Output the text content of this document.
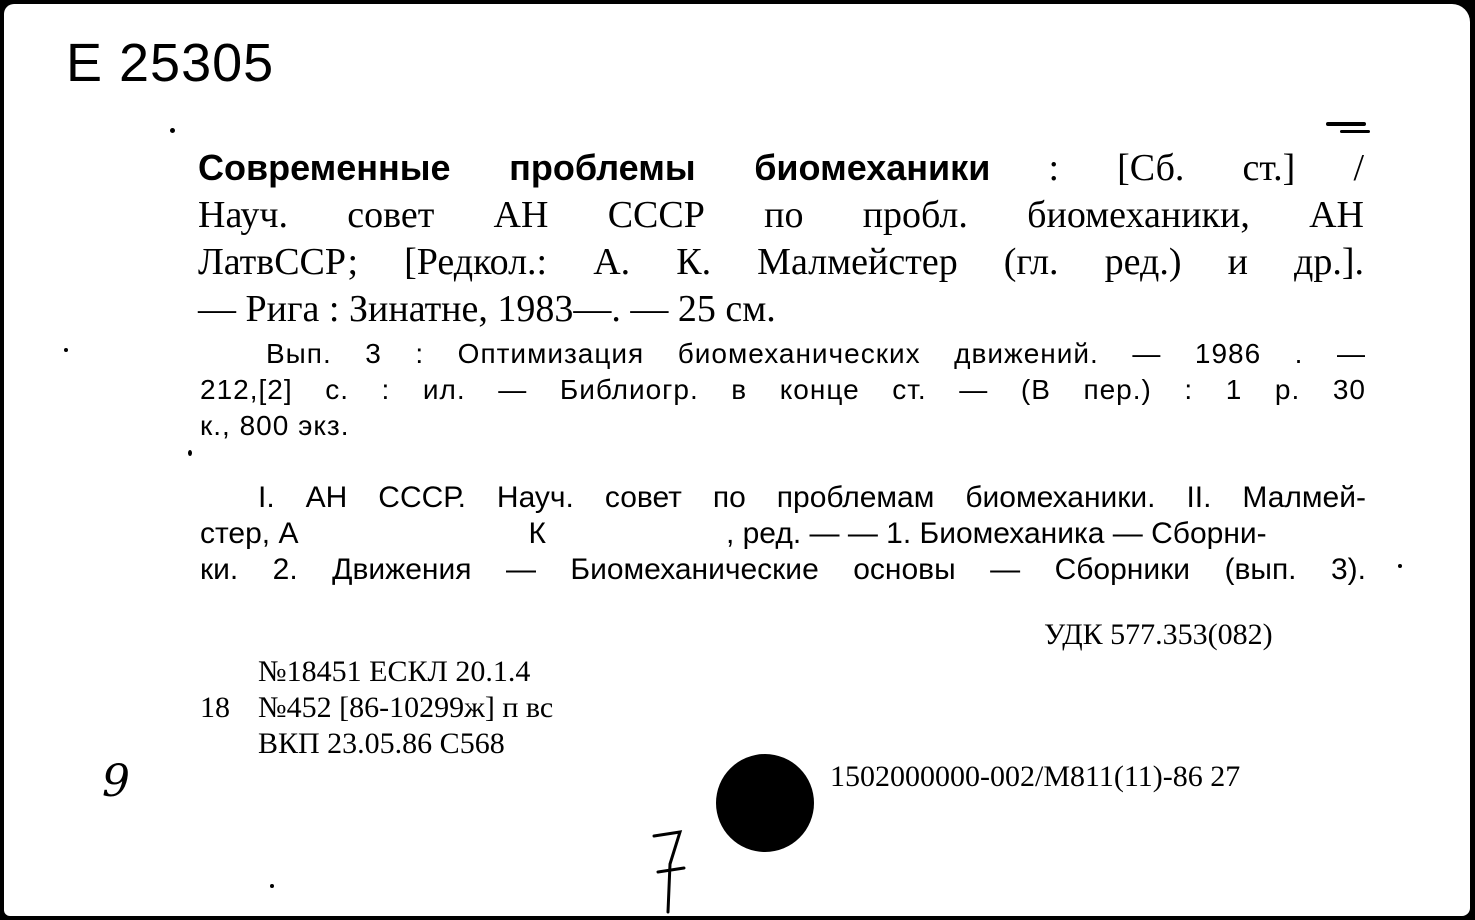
Е 25305
Современные проблемы биомеханики : [Сб. ст.] /
Науч. совет АН СССР по пробл. биомеханики, АН
ЛатвССР; [Редкол.: А. К. Малмейстер (гл. ред.) и др.].
— Рига : Зинатне, 1983—. — 25 см.
Вып. 3 : Оптимизация биомеханических движений. — 1986 . —
212,[2] с. : ил. — Библиогр. в конце ст. — (В пер.) : 1 р. 30
к., 800 экз.
I. АН СССР. Науч. совет по проблемам биомеханики. II. Малмей-
стер, А	К	, ред. — — 1. Биомеханика — Сборни-
ки. 2. Движения — Биомеханические основы — Сборники (вып. 3).
УДК 577.353(082)
№18451 ЕСКЛ 20.1.4
18 №452 [86-10299ж] п вс
ВКП 23.05.86 С568
1502000000-002/М811(11)-86 27
9
